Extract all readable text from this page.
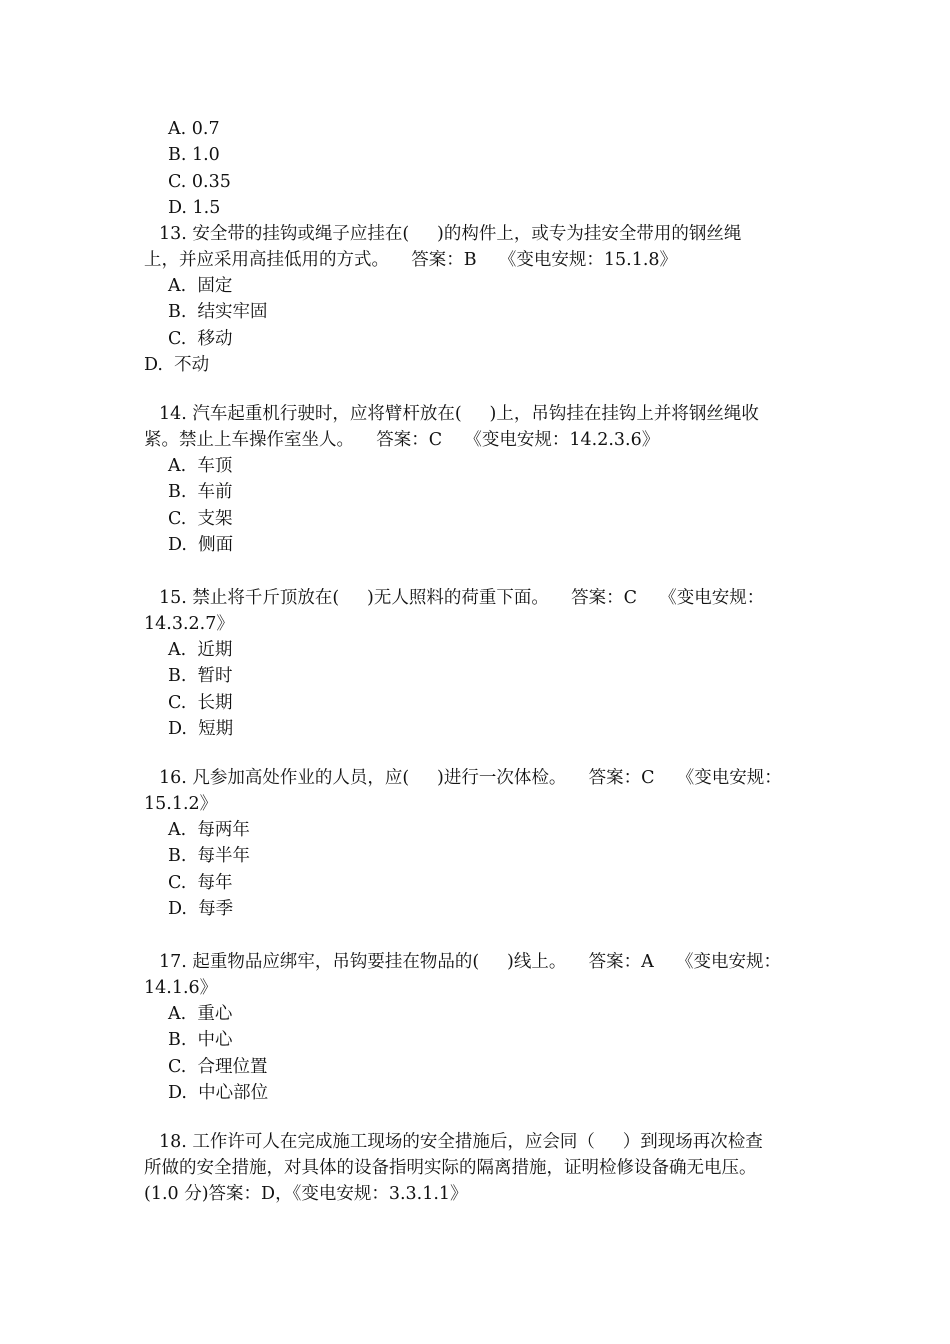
A. 0.7
B. 1.0
C. 0.35
D. 1.5
13. 安全带的挂钩或绳子应挂在(     )的构件上，或专为挂安全带用的钢丝绳
上，并应采用高挂低用的方式。    答案：B    《变电安规：15.1.8》
A.  固定
B.  结实牢固
C.  移动
D.  不动
14. 汽车起重机行驶时，应将臂杆放在(     )上，吊钩挂在挂钩上并将钢丝绳收
紧。禁止上车操作室坐人。    答案：C    《变电安规：14.2.3.6》
A.  车顶
B.  车前
C.  支架
D.  侧面
15. 禁止将千斤顶放在(     )无人照料的荷重下面。    答案：C    《变电安规：
14.3.2.7》
A.  近期
B.  暂时
C.  长期
D.  短期
16. 凡参加高处作业的人员，应(     )进行一次体检。    答案：C    《变电安规：
15.1.2》
A.  每两年
B.  每半年
C.  每年
D.  每季
17. 起重物品应绑牢，吊钩要挂在物品的(     )线上。    答案：A    《变电安规：
14.1.6》
A.  重心
B.  中心
C.  合理位置
D.  中心部位
18. 工作许可人在完成施工现场的安全措施后，应会同（     ）到现场再次检查
所做的安全措施，对具体的设备指明实际的隔离措施，证明检修设备确无电压。
(1.0 分)答案：D，《变电安规：3.3.1.1》
